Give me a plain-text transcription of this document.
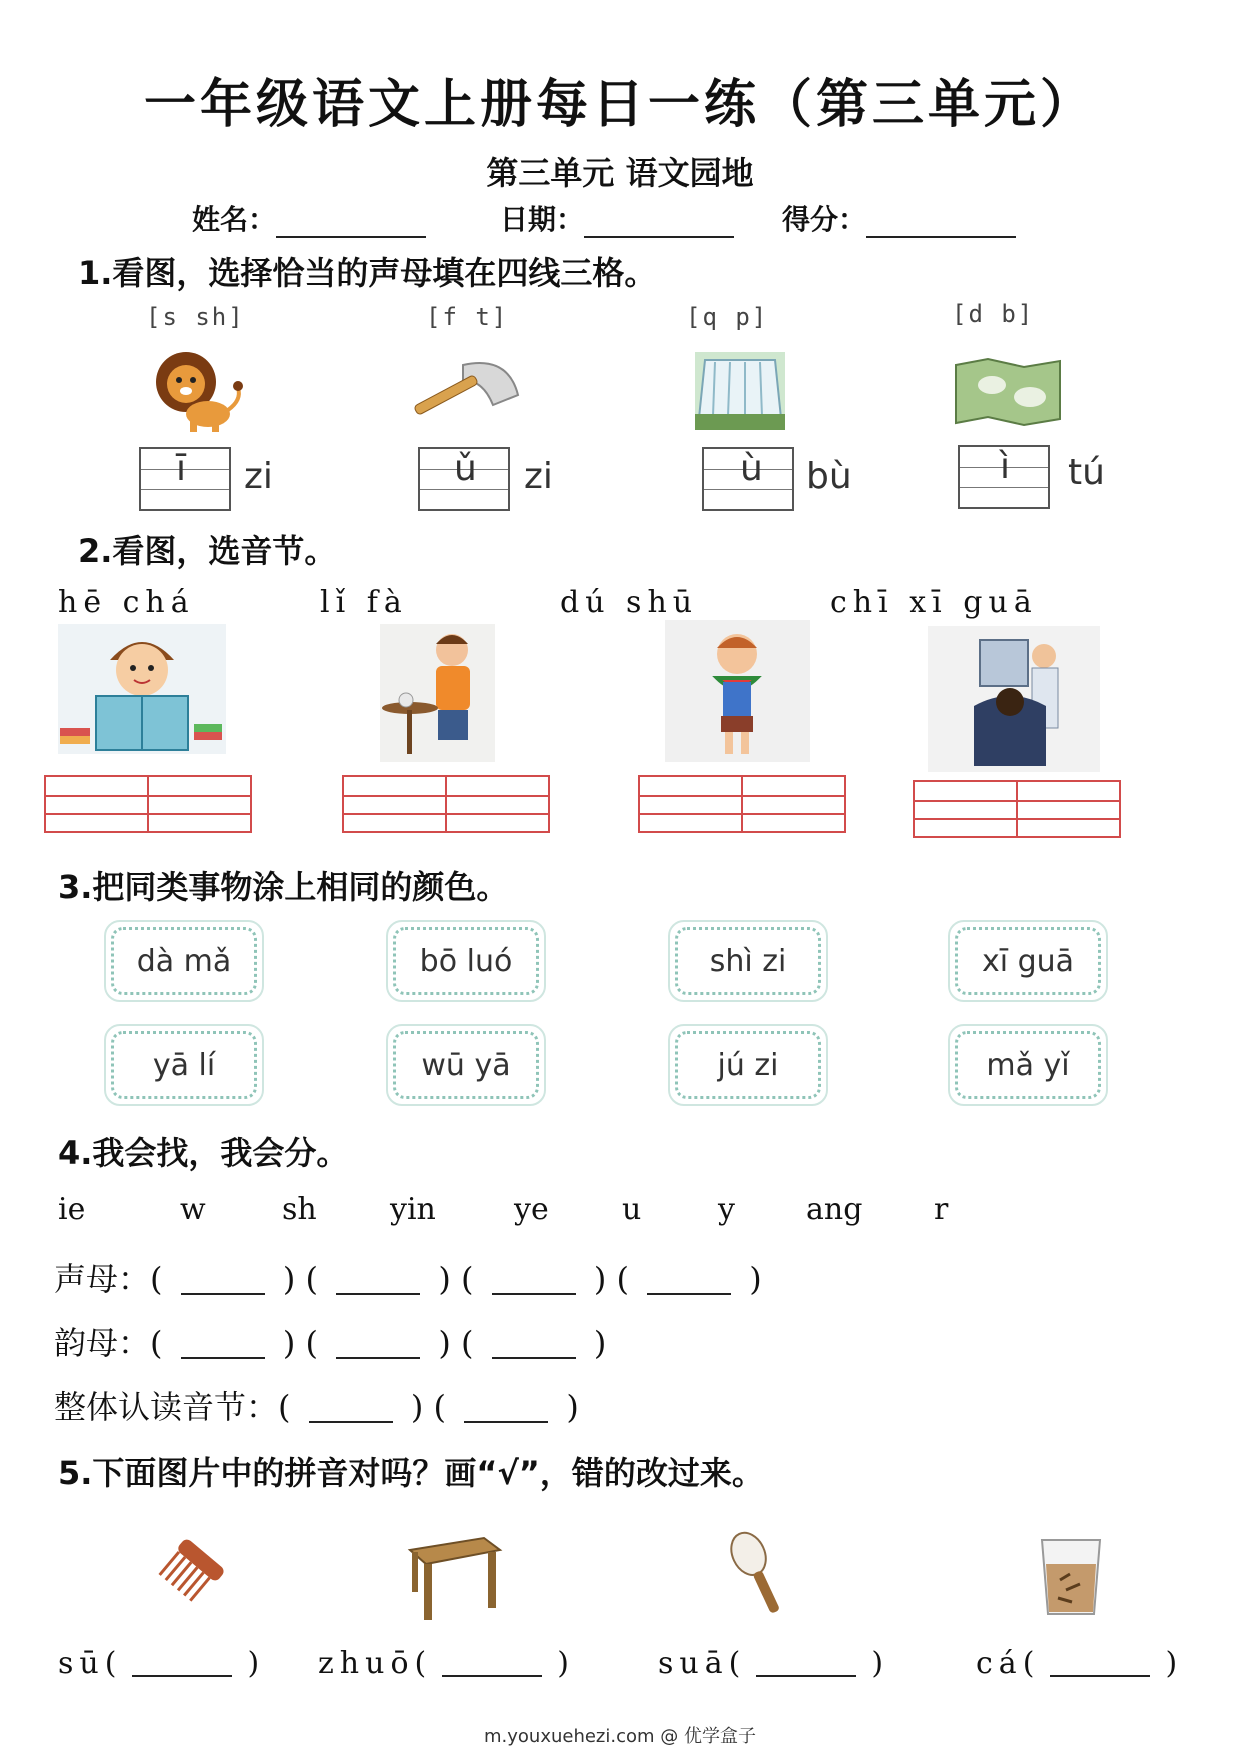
一年级语文上册每日一练（第三单元）
第三单元 语文园地
姓名：	日期：	得分：
1.看图，选择恰当的声母填在四线三格。
[s sh]
ī zi
[f t]
ǔ zi
[q p]
ù bù
[d b]
ì tú
2.看图，选音节。
hē chá	lǐ fà	dú shū	chī xī guā
3.把同类事物涂上相同的颜色。
dà mǎ	bō luó	shì zi	xī guā
yā lí	wū yā	jú zi	mǎ yǐ
4.我会找，我会分。
ie	w	sh yin	ye u	y ang r
声母：(	) (	) (	) (	)
韵母：(	) (	) (	)
整体认读音节：(	) (	)
5.下面图片中的拼音对吗？画“√”，错的改过来。
sū(	) zhuō(	)	suā(	)	cá(	)
m.youxuehezi.com @ 优学盒子
